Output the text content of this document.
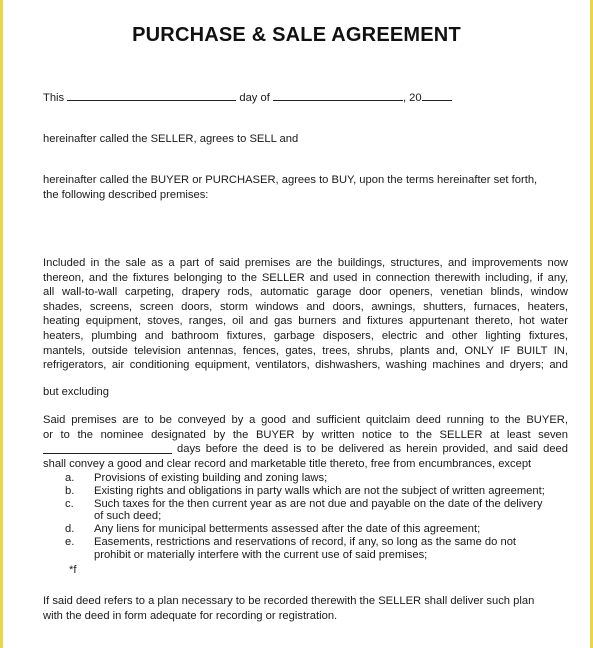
PURCHASE & SALE AGREEMENT
This	day of	, 20
hereinafter called the SELLER, agrees to SELL and
hereinafter called the BUYER or PURCHASER, agrees to BUY, upon the terms hereinafter set forth,
the following described premises:
Included in the sale as a part of said premises are the buildings, structures, and improvements now
thereon, and the fixtures belonging to the SELLER and used in connection therewith including, if any,
all wall-to-wall carpeting, drapery rods, automatic garage door openers, venetian blinds, window
shades, screens, screen doors, storm windows and doors, awnings, shutters, furnaces, heaters,
heating equipment, stoves, ranges, oil and gas burners and fixtures appurtenant thereto, hot water
heaters, plumbing and bathroom fixtures, garbage disposers, electric and other lighting fixtures,
mantels, outside television antennas, fences, gates, trees, shrubs, plants and, ONLY IF BUILT IN,
refrigerators, air conditioning equipment, ventilators, dishwashers, washing machines and dryers; and
but excluding
Said premises are to be conveyed by a good and sufficient quitclaim deed running to the BUYER,
or to the nominee designated by the BUYER by written notice to the SELLER at least seven
days before the deed is to be delivered as herein provided, and said deed
shall convey a good and clear record and marketable title thereto, free from encumbrances, except
a. Provisions of existing building and zoning laws;
b. Existing rights and obligations in party walls which are not the subject of written agreement;
c. Such taxes for the then current year as are not due and payable on the date of the delivery
of such deed;
d. Any liens for municipal betterments assessed after the date of this agreement;
e. Easements, restrictions and reservations of record, if any, so long as the same do not
prohibit or materially interfere with the current use of said premises;
*f
If said deed refers to a plan necessary to be recorded therewith the SELLER shall deliver such plan
with the deed in form adequate for recording or registration.
